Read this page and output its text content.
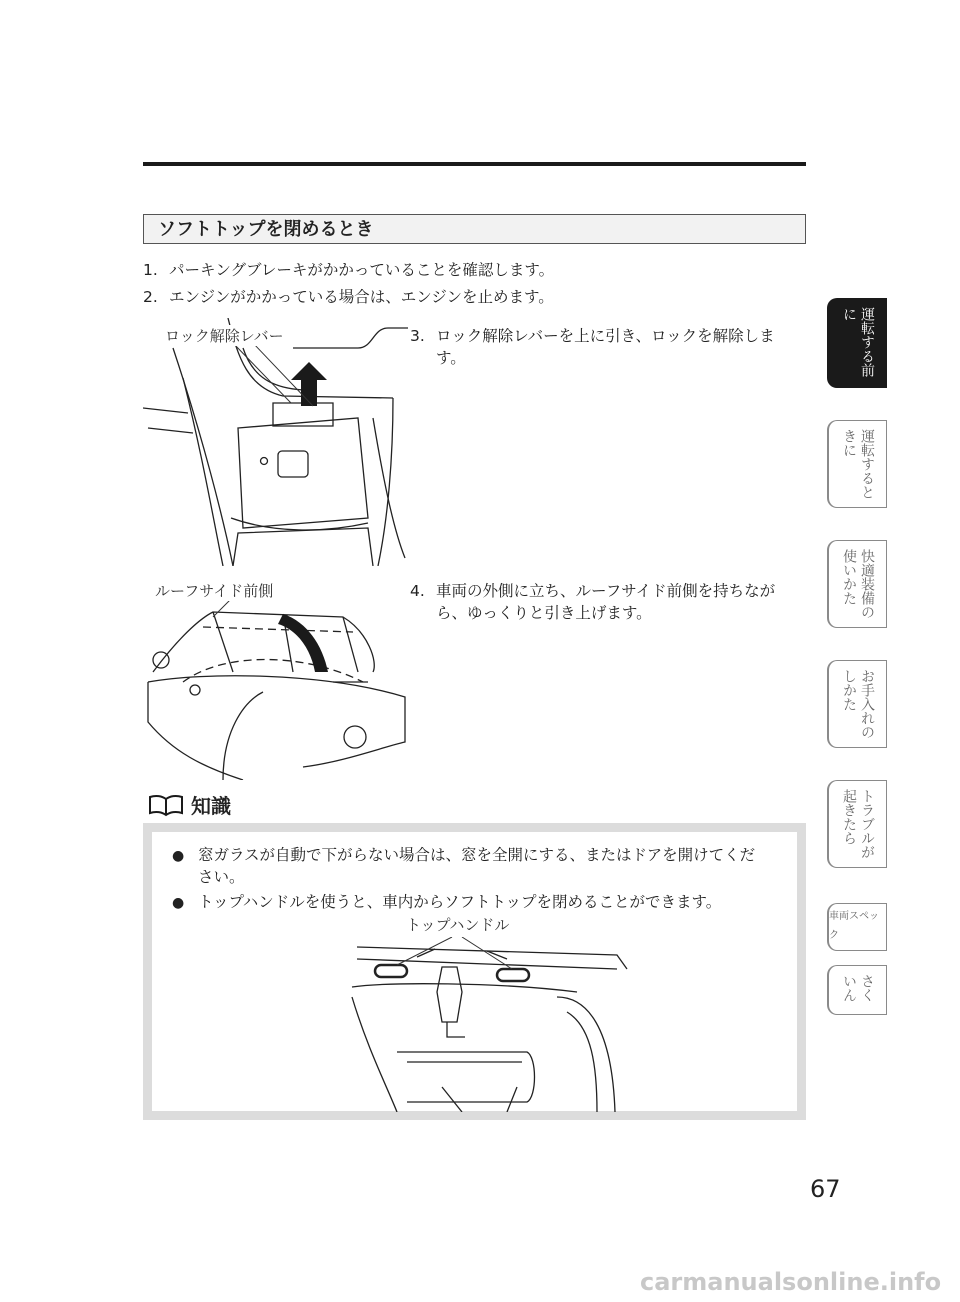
ソフトトップを閉めるとき
1. パーキングブレーキがかかっていることを確認します。
2. エンジンがかかっている場合は、エンジンを止めます。
ロック解除レバー	3. ロック解除レバーを上に引き、ロックを解除しま
す。
ルーフサイド前側	4. 車両の外側に立ち、ルーフサイド前側を持ちなが
ら、ゆっくりと引き上げます。
知識
● 窓ガラスが自動で下がらない場合は、窓を全開にする、またはドアを開けてくだ
さい。
● トップハンドルを使うと、車内からソフトトップを閉めることができます。
トップハンドル
運転する前に
運転するときに
快適装備の使いかた
お手入れのしかた
トラブルが起きたら
車両スペック
さくいん
67
carmanualsonline.info
